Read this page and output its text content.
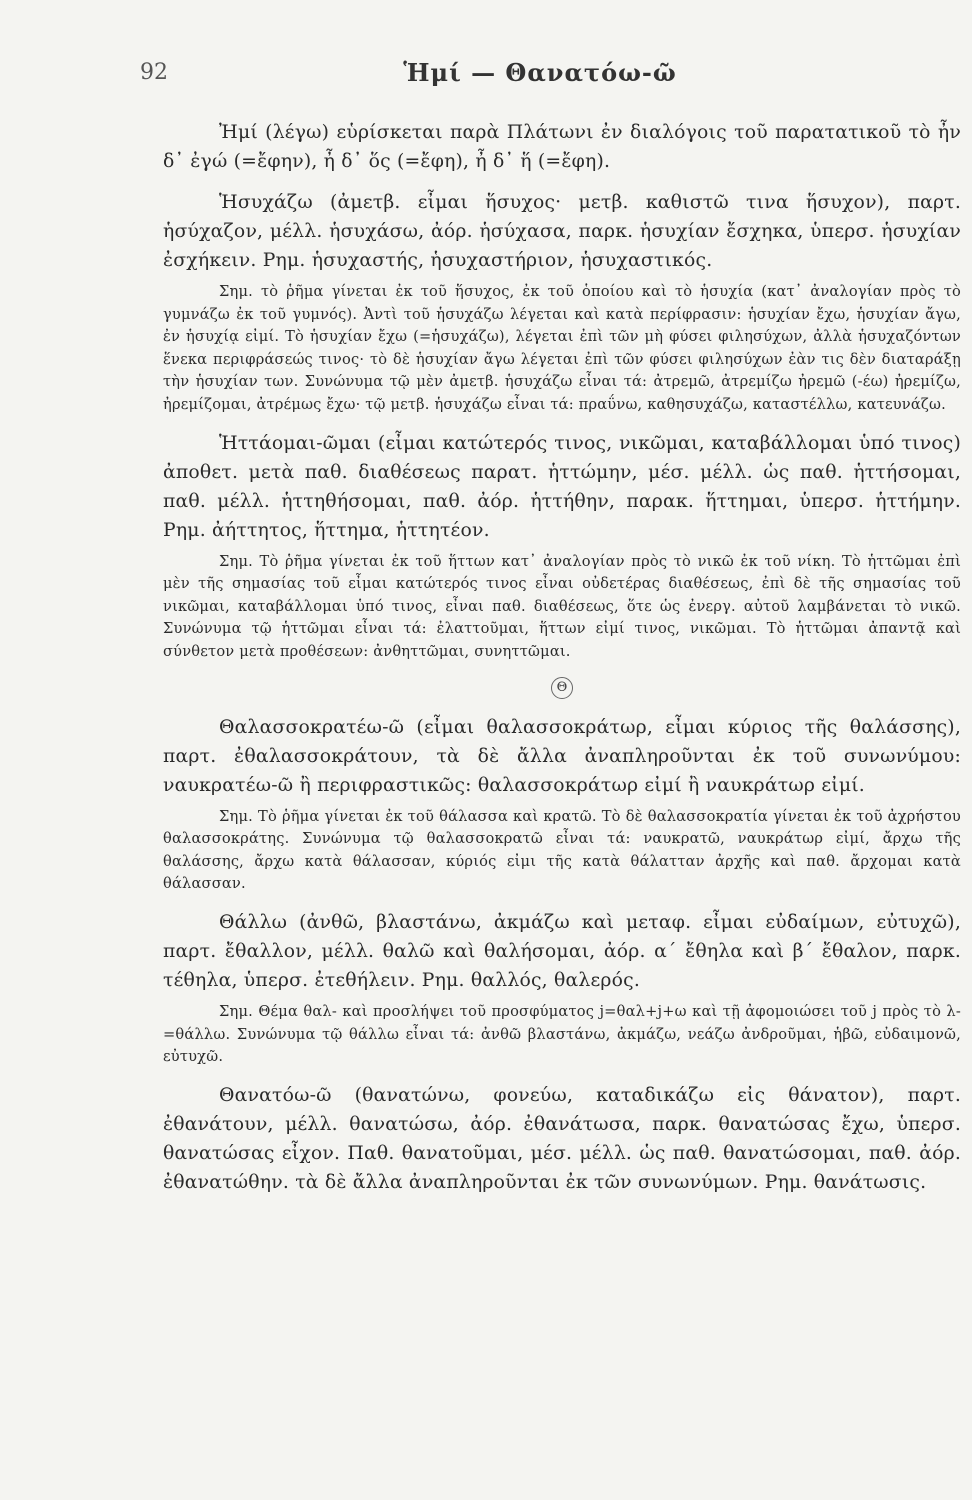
92	Ἡμί — Θανατόω-ῶ

Ἠμί (λέγω) εὑρίσκεται παρὰ Πλάτωνι ἐν διαλόγοις τοῦ παρατατικοῦ τὸ ἦν δ᾽ ἐγώ (=ἔφην), ἦ δ᾽ ὅς (=ἔφη), ἦ δ᾽ ἥ (=ἔφη).

Ἡσυχάζω (ἀμετβ. εἶμαι ἥσυχος· μετβ. καθιστῶ τινα ἥσυχον), παρτ. ἡσύχαζον, μέλλ. ἡσυχάσω, ἀόρ. ἡσύχασα, παρκ. ἡσυχίαν ἔσχηκα, ὑπερσ. ἡσυχίαν ἐσχήκειν. Ρημ. ἡσυχαστής, ἡσυχαστήριον, ἡσυχαστικός.

Σημ. τὸ ῥῆμα γίνεται ἐκ τοῦ ἥσυχος, ἐκ τοῦ ὁποίου καὶ τὸ ἡσυχία (κατ᾽ ἀναλογίαν πρὸς τὸ γυμνάζω ἐκ τοῦ γυμνός). Ἀντὶ τοῦ ἡσυχάζω λέγεται καὶ κατὰ περίφρασιν: ἡσυχίαν ἔχω, ἡσυχίαν ἄγω, ἐν ἡσυχίᾳ εἰμί. Τὸ ἡσυχίαν ἔχω (=ἡσυχάζω), λέγεται ἐπὶ τῶν μὴ φύσει φιλησύχων, ἀλλὰ ἡσυχαζόντων ἕνεκα περιφράσεώς τινος· τὸ δὲ ἡσυχίαν ἄγω λέγεται ἐπὶ τῶν φύσει φιλησύχων ἐὰν τις δὲν διαταράξῃ τὴν ἡσυχίαν των. Συνώνυμα τῷ μὲν ἀμετβ. ἡσυχάζω εἶναι τά: ἀτρεμῶ, ἀτρεμίζω ἠρεμῶ (-έω) ἠρεμίζω, ἠρεμίζομαι, ἀτρέμως ἔχω· τῷ μετβ. ἡσυχάζω εἶναι τά: πραΰνω, καθησυχάζω, καταστέλλω, κατευνάζω.

Ἡττάομαι-ῶμαι (εἶμαι κατώτερός τινος, νικῶμαι, καταβάλλομαι ὑπό τινος) ἀποθετ. μετὰ παθ. διαθέσεως παρατ. ἡττώμην, μέσ. μέλλ. ὡς παθ. ἡττήσομαι, παθ. μέλλ. ἡττηθήσομαι, παθ. ἀόρ. ἡττήθην, παρακ. ἥττημαι, ὑπερσ. ἡττήμην. Ρημ. ἀήττητος, ἥττημα, ἡττητέον.

Σημ. Τὸ ῥῆμα γίνεται ἐκ τοῦ ἥττων κατ᾽ ἀναλογίαν πρὸς τὸ νικῶ ἐκ τοῦ νίκη. Τὸ ἡττῶμαι ἐπὶ μὲν τῆς σημασίας τοῦ εἶμαι κατώτερός τινος εἶναι οὐδετέρας διαθέσεως, ἐπὶ δὲ τῆς σημασίας τοῦ νικῶμαι, καταβάλλομαι ὑπό τινος, εἶναι παθ. διαθέσεως, ὅτε ὡς ἐνεργ. αὐτοῦ λαμβάνεται τὸ νικῶ. Συνώνυμα τῷ ἡττῶμαι εἶναι τά: ἐλαττοῦμαι, ἥττων εἰμί τινος, νικῶμαι. Τὸ ἡττῶμαι ἀπαντᾷ καὶ σύνθετον μετὰ προθέσεων: ἀνθηττῶμαι, συνηττῶμαι.

Θ

Θαλασσοκρατέω-ῶ (εἶμαι θαλασσοκράτωρ, εἶμαι κύριος τῆς θαλάσσης), παρτ. ἐθαλασσοκράτουν, τὰ δὲ ἄλλα ἀναπληροῦνται ἐκ τοῦ συνωνύμου: ναυκρατέω-ῶ ἢ περιφραστικῶς: θαλασσοκράτωρ εἰμί ἢ ναυκράτωρ εἰμί.

Σημ. Τὸ ῥῆμα γίνεται ἐκ τοῦ θάλασσα καὶ κρατῶ. Τὸ δὲ θαλασσοκρατία γίνεται ἐκ τοῦ ἀχρήστου θαλασσοκράτης. Συνώνυμα τῷ θαλασσοκρατῶ εἶναι τά: ναυκρατῶ, ναυκράτωρ εἰμί, ἄρχω τῆς θαλάσσης, ἄρχω κατὰ θάλασσαν, κύριός εἰμι τῆς κατὰ θάλατταν ἀρχῆς καὶ παθ. ἄρχομαι κατὰ θάλασσαν.

Θάλλω (ἀνθῶ, βλαστάνω, ἀκμάζω καὶ μεταφ. εἶμαι εὐδαίμων, εὐτυχῶ), παρτ. ἔθαλλον, μέλλ. θαλῶ καὶ θαλήσομαι, ἀόρ. α΄ ἔθηλα καὶ β΄ ἔθαλον, παρκ. τέθηλα, ὑπερσ. ἐτεθήλειν. Ρημ. θαλλός, θαλερός.

Σημ. Θέμα θαλ- καὶ προσλήψει τοῦ προσφύματος j=θαλ+j+ω καὶ τῇ ἀφομοιώσει τοῦ j πρὸς τὸ λ-=θάλλω. Συνώνυμα τῷ θάλλω εἶναι τά: ἀνθῶ βλαστάνω, ἀκμάζω, νεάζω ἀνδροῦμαι, ἡβῶ, εὐδαιμονῶ, εὐτυχῶ.

Θανατόω-ῶ (θανατώνω, φονεύω, καταδικάζω εἰς θάνατον), παρτ. ἐθανάτουν, μέλλ. θανατώσω, ἀόρ. ἐθανάτωσα, παρκ. θανατώσας ἔχω, ὑπερσ. θανατώσας εἶχον. Παθ. θανατοῦμαι, μέσ. μέλλ. ὡς παθ. θανατώσομαι, παθ. ἀόρ. ἐθανατώθην. τὰ δὲ ἄλλα ἀναπληροῦνται ἐκ τῶν συνωνύμων. Ρημ. θανάτωσις.
